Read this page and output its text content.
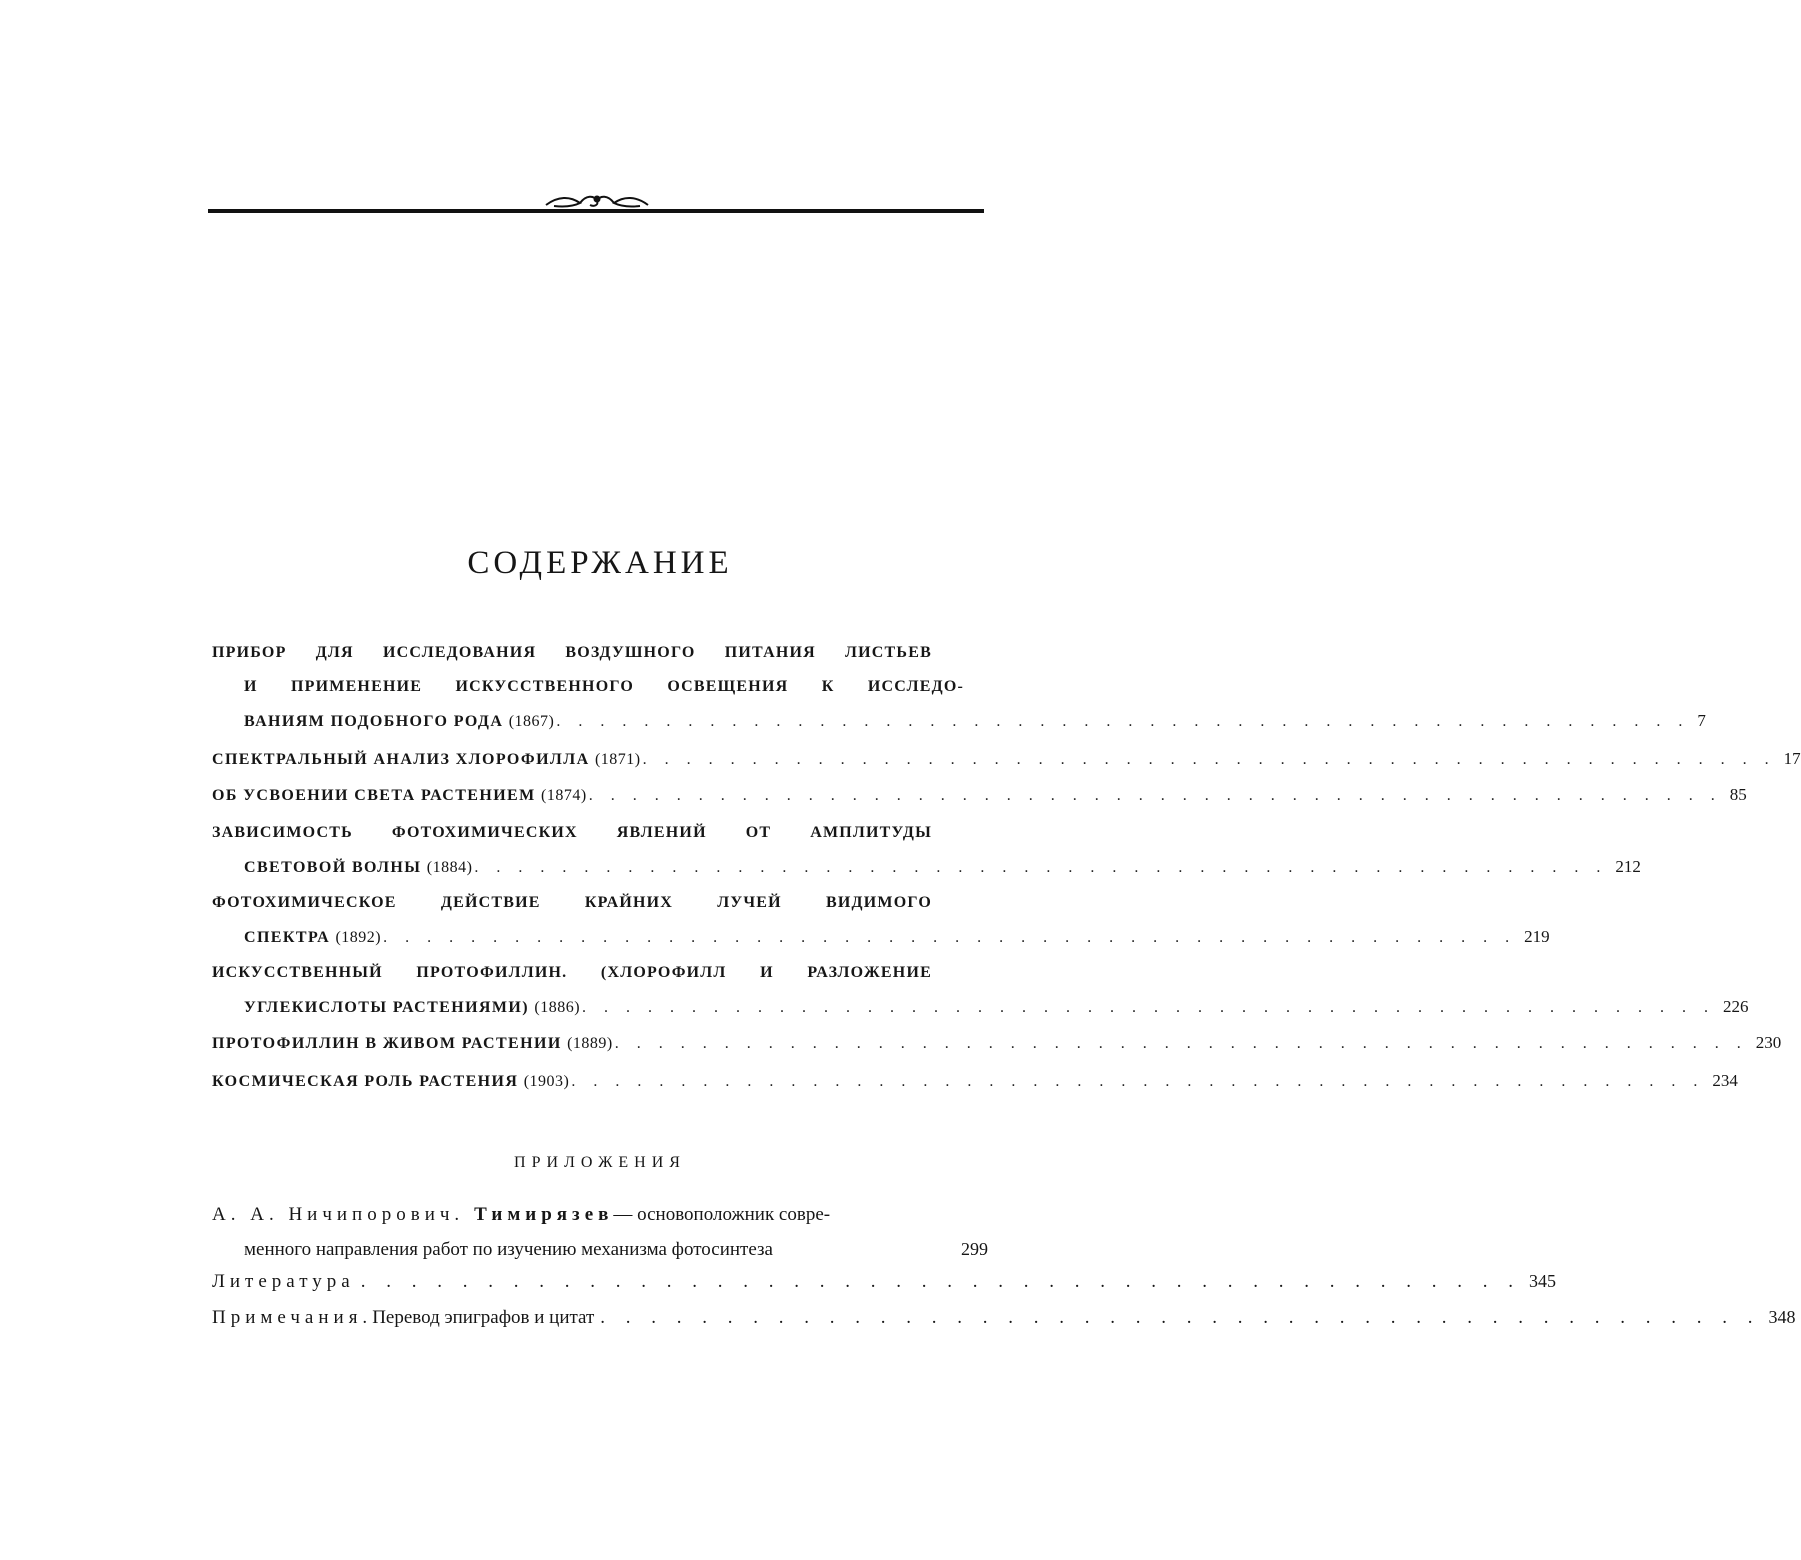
СОДЕРЖАНИЕ
ПРИБОР ДЛЯ ИССЛЕДОВАНИЯ ВОЗДУШНОГО ПИТАНИЯ ЛИСТЬЕВ
И ПРИМЕНЕНИЕ ИСКУССТВЕННОГО ОСВЕЩЕНИЯ К ИССЛЕДО-
ВАНИЯМ ПОДОБНОГО РОДА (1867) . . . . . . . . . . . . . . . . . . . . . . . . . . . . . . . . . . . . . . . . . . . . . . . . . . . . 7
СПЕКТРАЛЬНЫЙ АНАЛИЗ ХЛОРОФИЛЛА (1871) . . . . . . . . . . . . . . . . . . . . . . . . . . . . . . . . . . . . . . . . . . . . . . . . . . . . 17
ОБ УСВОЕНИИ СВЕТА РАСТЕНИЕМ (1874) . . . . . . . . . . . . . . . . . . . . . . . . . . . . . . . . . . . . . . . . . . . . . . . . . . . . 85
ЗАВИСИМОСТЬ ФОТОХИМИЧЕСКИХ ЯВЛЕНИЙ ОТ АМПЛИТУДЫ
СВЕТОВОЙ ВОЛНЫ (1884) . . . . . . . . . . . . . . . . . . . . . . . . . . . . . . . . . . . . . . . . . . . . . . . . . . . . 212
ФОТОХИМИЧЕСКОЕ	ДЕЙСТВИЕ	КРАЙНИХ	ЛУЧЕЙ	ВИДИМОГО
СПЕКТРА (1892) . . . . . . . . . . . . . . . . . . . . . . . . . . . . . . . . . . . . . . . . . . . . . . . . . . . . 219
ИСКУССТВЕННЫЙ ПРОТОФИЛЛИН. (ХЛОРОФИЛЛ И РАЗЛОЖЕНИЕ
УГЛЕКИСЛОТЫ РАСТЕНИЯМИ) (1886) . . . . . . . . . . . . . . . . . . . . . . . . . . . . . . . . . . . . . . . . . . . . . . . . . . . . 226
ПРОТОФИЛЛИН В ЖИВОМ РАСТЕНИИ (1889) . . . . . . . . . . . . . . . . . . . . . . . . . . . . . . . . . . . . . . . . . . . . . . . . . . . . 230
КОСМИЧЕСКАЯ РОЛЬ РАСТЕНИЯ (1903) . . . . . . . . . . . . . . . . . . . . . . . . . . . . . . . . . . . . . . . . . . . . . . . . . . . . 234
ПРИЛОЖЕНИЯ
А. А. Ничипорович. Тимирязев — основоположник совре-
менного направления работ по изучению механизма фотосинтеза	299
Литература . . . . . . . . . . . . . . . . . . . . . . . . . . . . . . . . . . . . . . . . . . . . . . 345
Примечания. Перевод эпиграфов и цитат . . . . . . . . . . . . . . . . . . . . . . . . . . . . . . . . . . . . . . . . . . . . . . 348
